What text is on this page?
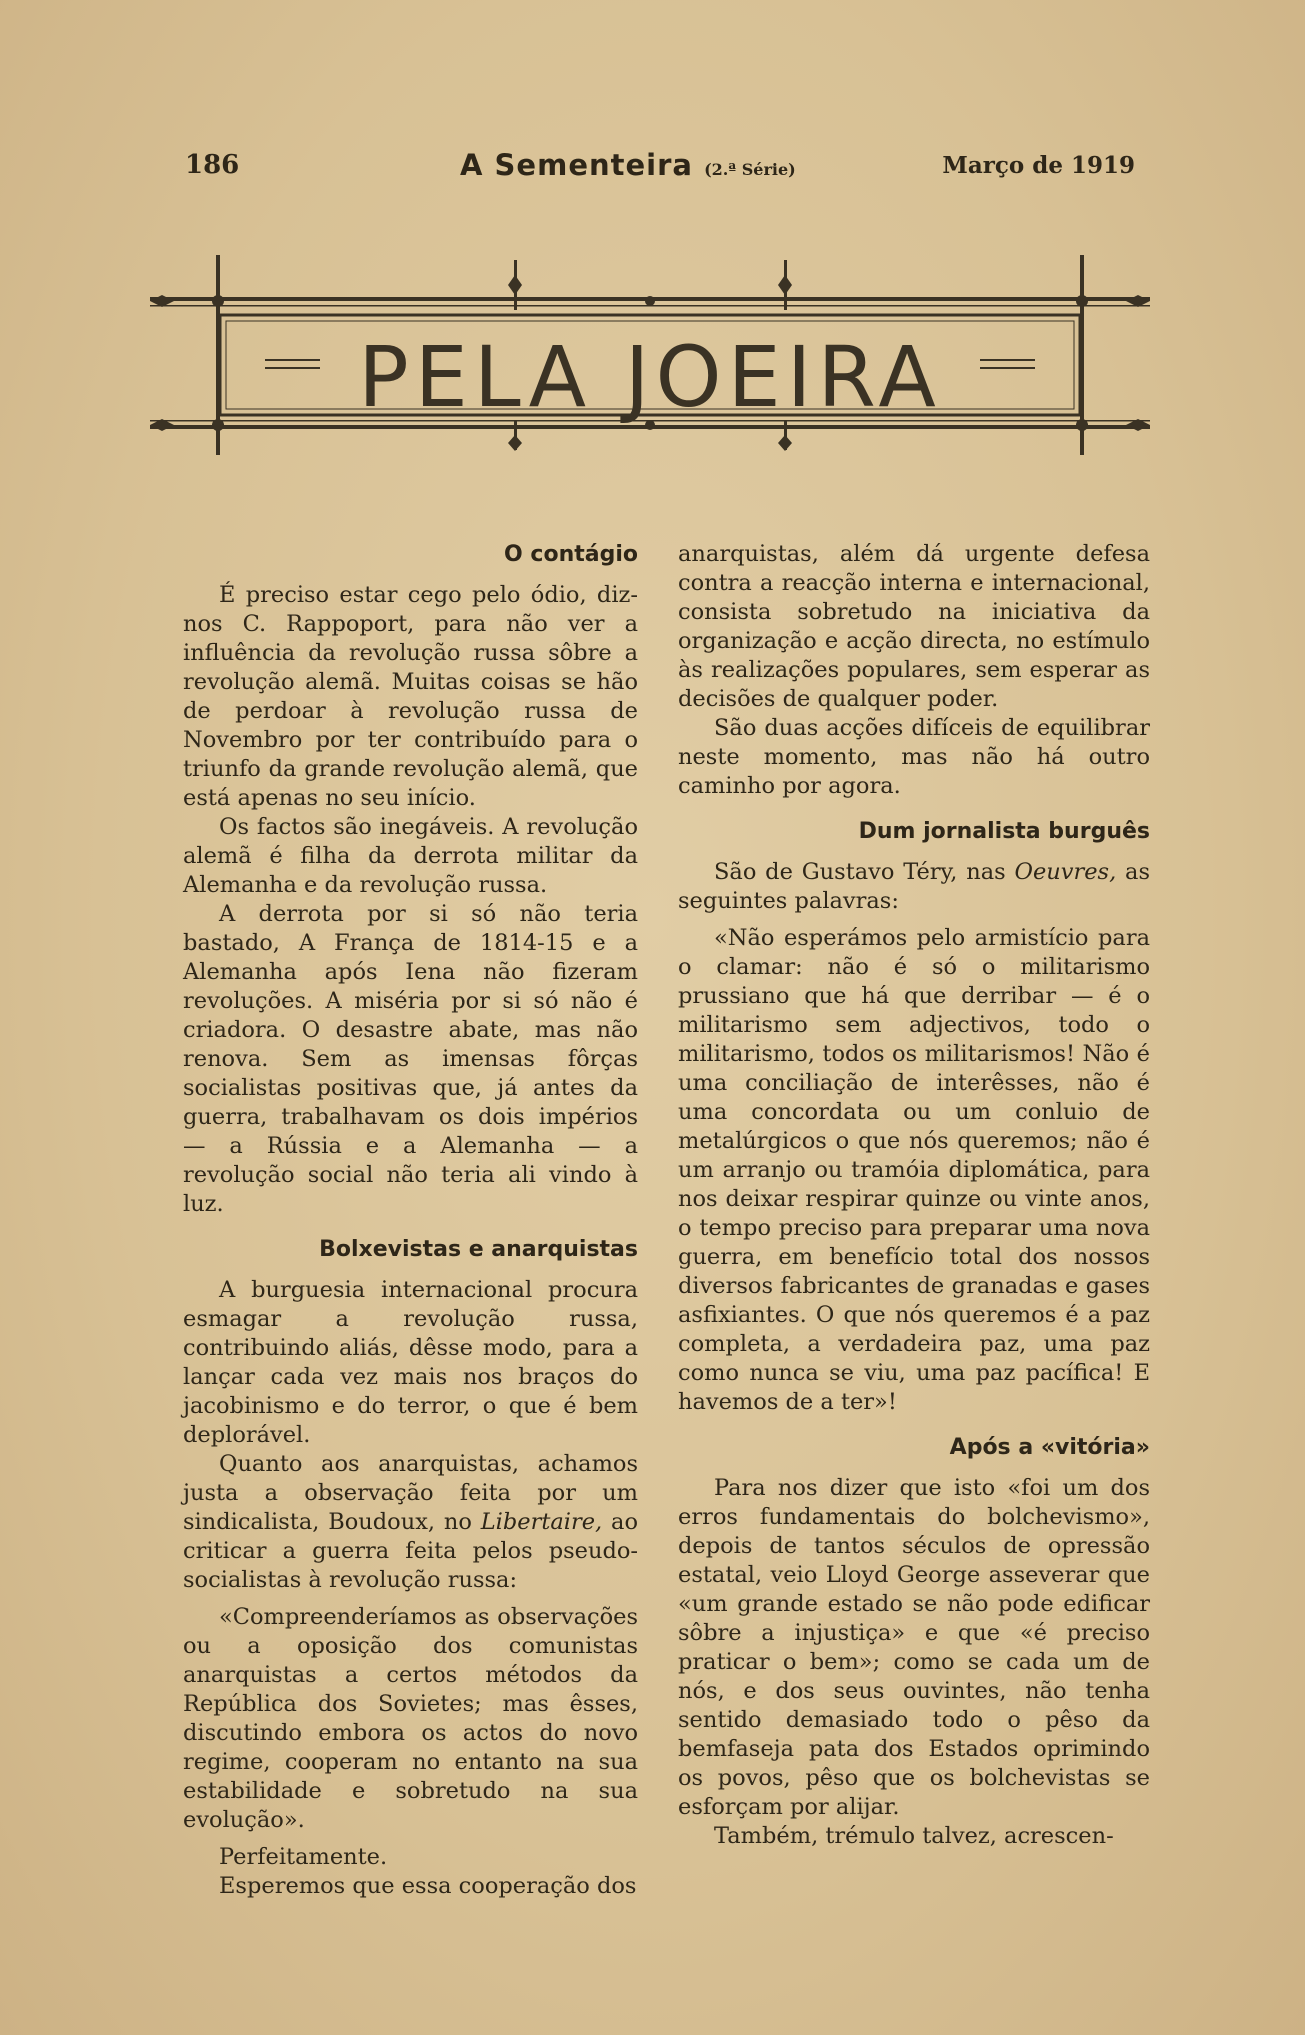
186	A Sementeira (2.ª Série)	Março de 1919
PELA JOEIRA
O contágio

É preciso estar cego pelo ódio, diz-nos C. Rappoport, para não ver a influência da revolução russa sôbre a revolução alemã. Muitas coisas se hão de perdoar à revolução russa de Novembro por ter contribuído para o triunfo da grande revolução alemã, que está apenas no seu início.

Os factos são inegáveis. A revolução alemã é filha da derrota militar da Alemanha e da revolução russa.

A derrota por si só não teria bastado, A França de 1814-15 e a Alemanha após Iena não fizeram revoluções. A miséria por si só não é criadora. O desastre abate, mas não renova. Sem as imensas fôrças socialistas positivas que, já antes da guerra, trabalhavam os dois impérios — a Rússia e a Alemanha — a revolução social não teria ali vindo à luz.

Bolxevistas e anarquistas

A burguesia internacional procura esmagar a revolução russa, contribuindo aliás, dêsse modo, para a lançar cada vez mais nos braços do jacobinismo e do terror, o que é bem deplorável.

Quanto aos anarquistas, achamos justa a observação feita por um sindicalista, Boudoux, no Libertaire, ao criticar a guerra feita pelos pseudo-socialistas à revolução russa:

«Compreenderíamos as observações ou a oposição dos comunistas anarquistas a certos métodos da República dos Sovietes; mas êsses, discutindo embora os actos do novo regime, cooperam no entanto na sua estabilidade e sobretudo na sua evolução».

Perfeitamente.

Esperemos que essa cooperação dos

anarquistas, além dá urgente defesa contra a reacção interna e internacional, consista sobretudo na iniciativa da organização e acção directa, no estímulo às realizações populares, sem esperar as decisões de qualquer poder.

São duas acções difíceis de equilibrar neste momento, mas não há outro caminho por agora.

Dum jornalista burguês

São de Gustavo Téry, nas Oeuvres, as seguintes palavras:

«Não esperámos pelo armistício para o clamar: não é só o militarismo prussiano que há que derribar — é o militarismo sem adjectivos, todo o militarismo, todos os militarismos! Não é uma conciliação de interêsses, não é uma concordata ou um conluio de metalúrgicos o que nós queremos; não é um arranjo ou tramóia diplomática, para nos deixar respirar quinze ou vinte anos, o tempo preciso para preparar uma nova guerra, em benefício total dos nossos diversos fabricantes de granadas e gases asfixiantes. O que nós queremos é a paz completa, a verdadeira paz, uma paz como nunca se viu, uma paz pacífica! E havemos de a ter»!

Após a «vitória»

Para nos dizer que isto «foi um dos erros fundamentais do bolchevismo», depois de tantos séculos de opressão estatal, veio Lloyd George asseverar que «um grande estado se não pode edificar sôbre a injustiça» e que «é preciso praticar o bem»; como se cada um de nós, e dos seus ouvintes, não tenha sentido demasiado todo o pêso da bemfaseja pata dos Estados oprimindo os povos, pêso que os bolchevistas se esforçam por alijar.

Também, trémulo talvez, acrescen-
